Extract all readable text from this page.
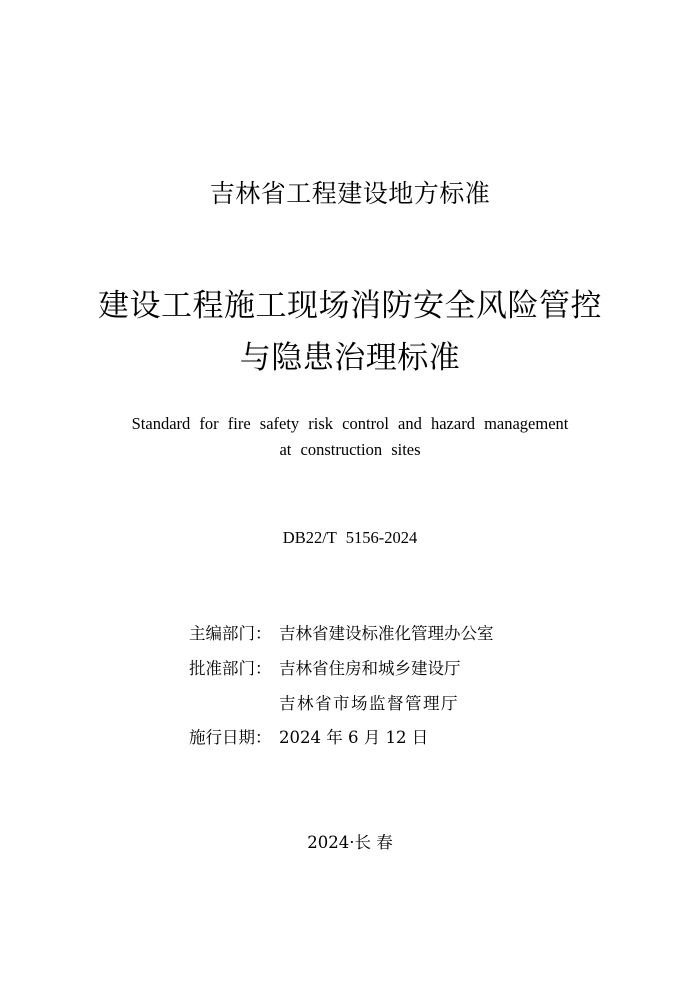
吉林省工程建设地方标准
建设工程施工现场消防安全风险管控
与隐患治理标准
Standard for fire safety risk control and hazard management
at construction sites
DB22/T 5156-2024
主编部门： 吉林省建设标准化管理办公室
批准部门： 吉林省住房和城乡建设厅
吉林省市场监督管理厅
施行日期： 2024 年 6 月 12 日
2024·长 春
